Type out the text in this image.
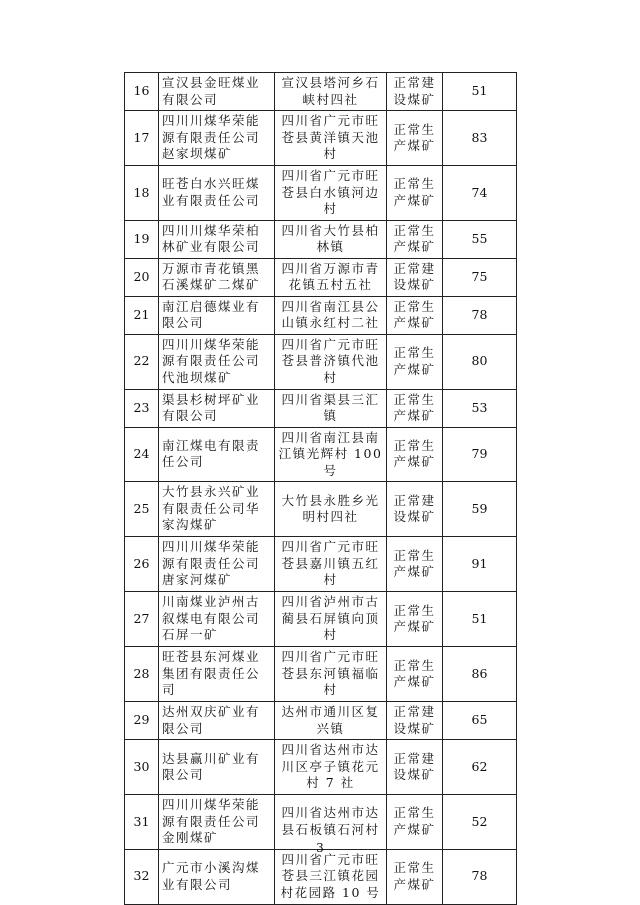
16	宣汉县金旺煤业有限公司	宣汉县塔河乡石峡村四社	正常建设煤矿	51
17	四川川煤华荣能源有限责任公司赵家坝煤矿	四川省广元市旺苍县黄洋镇天池村	正常生产煤矿	83
18	旺苍白水兴旺煤业有限责任公司	四川省广元市旺苍县白水镇河边村	正常生产煤矿	74
19	四川川煤华荣柏林矿业有限公司	四川省大竹县柏林镇	正常生产煤矿	55
20	万源市青花镇黑石溪煤矿二煤矿	四川省万源市青花镇五村五社	正常建设煤矿	75
21	南江启德煤业有限公司	四川省南江县公山镇永红村二社	正常生产煤矿	78
22	四川川煤华荣能源有限责任公司代池坝煤矿	四川省广元市旺苍县普济镇代池村	正常生产煤矿	80
23	渠县杉树坪矿业有限公司	四川省渠县三汇镇	正常生产煤矿	53
24	南江煤电有限责任公司	四川省南江县南江镇光辉村 100 号	正常生产煤矿	79
25	大竹县永兴矿业有限责任公司华家沟煤矿	大竹县永胜乡光明村四社	正常建设煤矿	59
26	四川川煤华荣能源有限责任公司唐家河煤矿	四川省广元市旺苍县嘉川镇五红村	正常生产煤矿	91
27	川南煤业泸州古叙煤电有限公司石屏一矿	四川省泸州市古蔺县石屏镇向顶村	正常生产煤矿	51
28	旺苍县东河煤业集团有限责任公司	四川省广元市旺苍县东河镇福临村	正常生产煤矿	86
29	达州双庆矿业有限公司	达州市通川区复兴镇	正常建设煤矿	65
30	达县赢川矿业有限公司	四川省达州市达川区亭子镇花元村 7 社	正常建设煤矿	62
31	四川川煤华荣能源有限责任公司金刚煤矿	四川省达州市达县石板镇石河村	正常生产煤矿	52
32	广元市小溪沟煤业有限公司	四川省广元市旺苍县三江镇花园村花园路 10 号	正常生产煤矿	78
3
